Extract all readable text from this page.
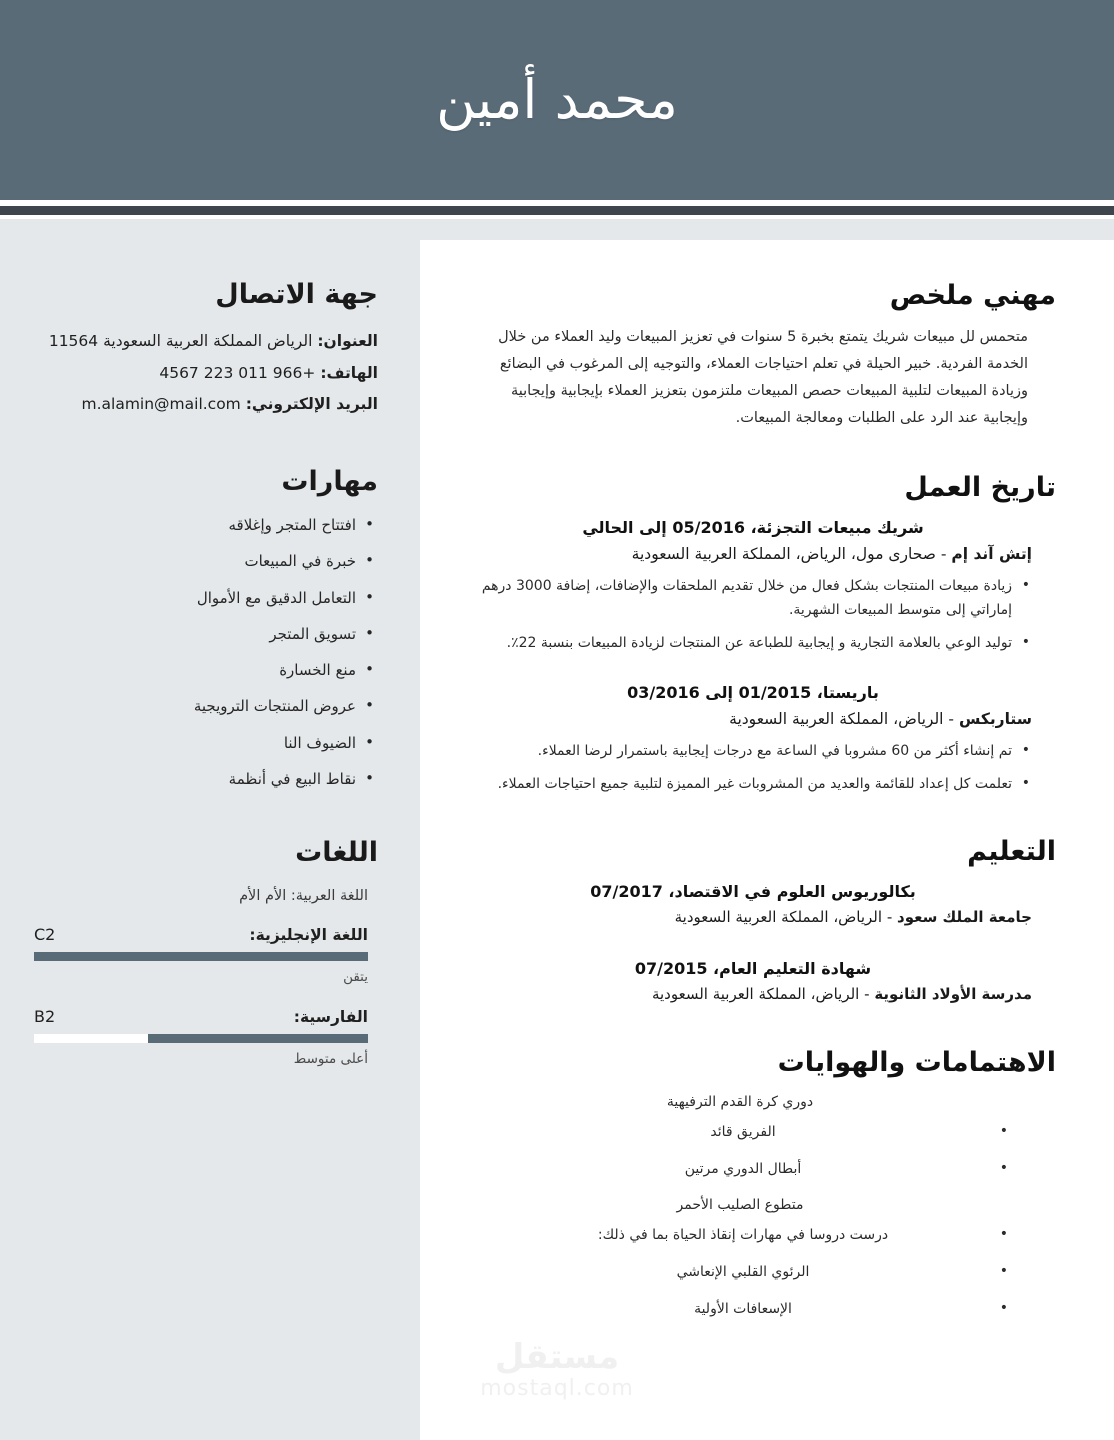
محمد أمين
جهة الاتصال
العنوان: الرياض المملكة العربية السعودية 11564
الهاتف: +966 011 223 4567
البريد الإلكتروني: m.alamin@mail.com
مهارات
• افتتاح المتجر وإغلاقه
• خبرة في المبيعات
• التعامل الدقيق مع الأموال
• تسويق المتجر
• منع الخسارة
• عروض المنتجات الترويجية
• الضيوف النا
• نقاط البيع في أنظمة
اللغات
اللغة العربية: الأم الأم
اللغة الإنجليزية:
C2
يتقن
الفارسية:
B2
أعلى متوسط
مهني ملخص

متحمس لل مبيعات شريك يتمتع بخبرة 5 سنوات في تعزيز المبيعات وليد العملاء من خلال الخدمة الفردية. خبير الحيلة في تعلم احتياجات العملاء، والتوجيه إلى المرغوب في البضائع وزيادة المبيعات لتلبية المبيعات حصص المبيعات ملتزمون بتعزيز العملاء بإيجابية وإيجابية وإيجابية عند الرد على الطلبات ومعالجة المبيعات.

تاريخ العمل
شريك مبيعات التجزئة، 05/2016 إلى الحالي
إتش آند إم - صحارى مول، الرياض، المملكة العربية السعودية
• زيادة مبيعات المنتجات بشكل فعال من خلال تقديم الملحقات والإضافات، إضافة 3000 درهم إماراتي إلى متوسط المبيعات الشهرية.
• توليد الوعي بالعلامة التجارية و إيجابية للطباعة عن المنتجات لزيادة المبيعات بنسبة 22٪.
باريستا، 01/2015 إلى 03/2016
ستاربكس - الرياض، المملكة العربية السعودية
• تم إنشاء أكثر من 60 مشروبا في الساعة مع درجات إيجابية باستمرار لرضا العملاء.
• تعلمت كل إعداد للقائمة والعديد من المشروبات غير المميزة لتلبية جميع احتياجات العملاء.
التعليم
بكالوريوس العلوم في الاقتصاد، 07/2017
جامعة الملك سعود - الرياض، المملكة العربية السعودية
شهادة التعليم العام، 07/2015
مدرسة الأولاد الثانوية - الرياض، المملكة العربية السعودية
الاهتمامات والهوايات
دوري كرة القدم الترفيهية
• الفريق قائد
• أبطال الدوري مرتين
متطوع الصليب الأحمر
• درست دروسا في مهارات إنقاذ الحياة بما في ذلك:
• الرئوي القلبي الإنعاشي
• الإسعافات الأولية
مستقل
mostaql.com
